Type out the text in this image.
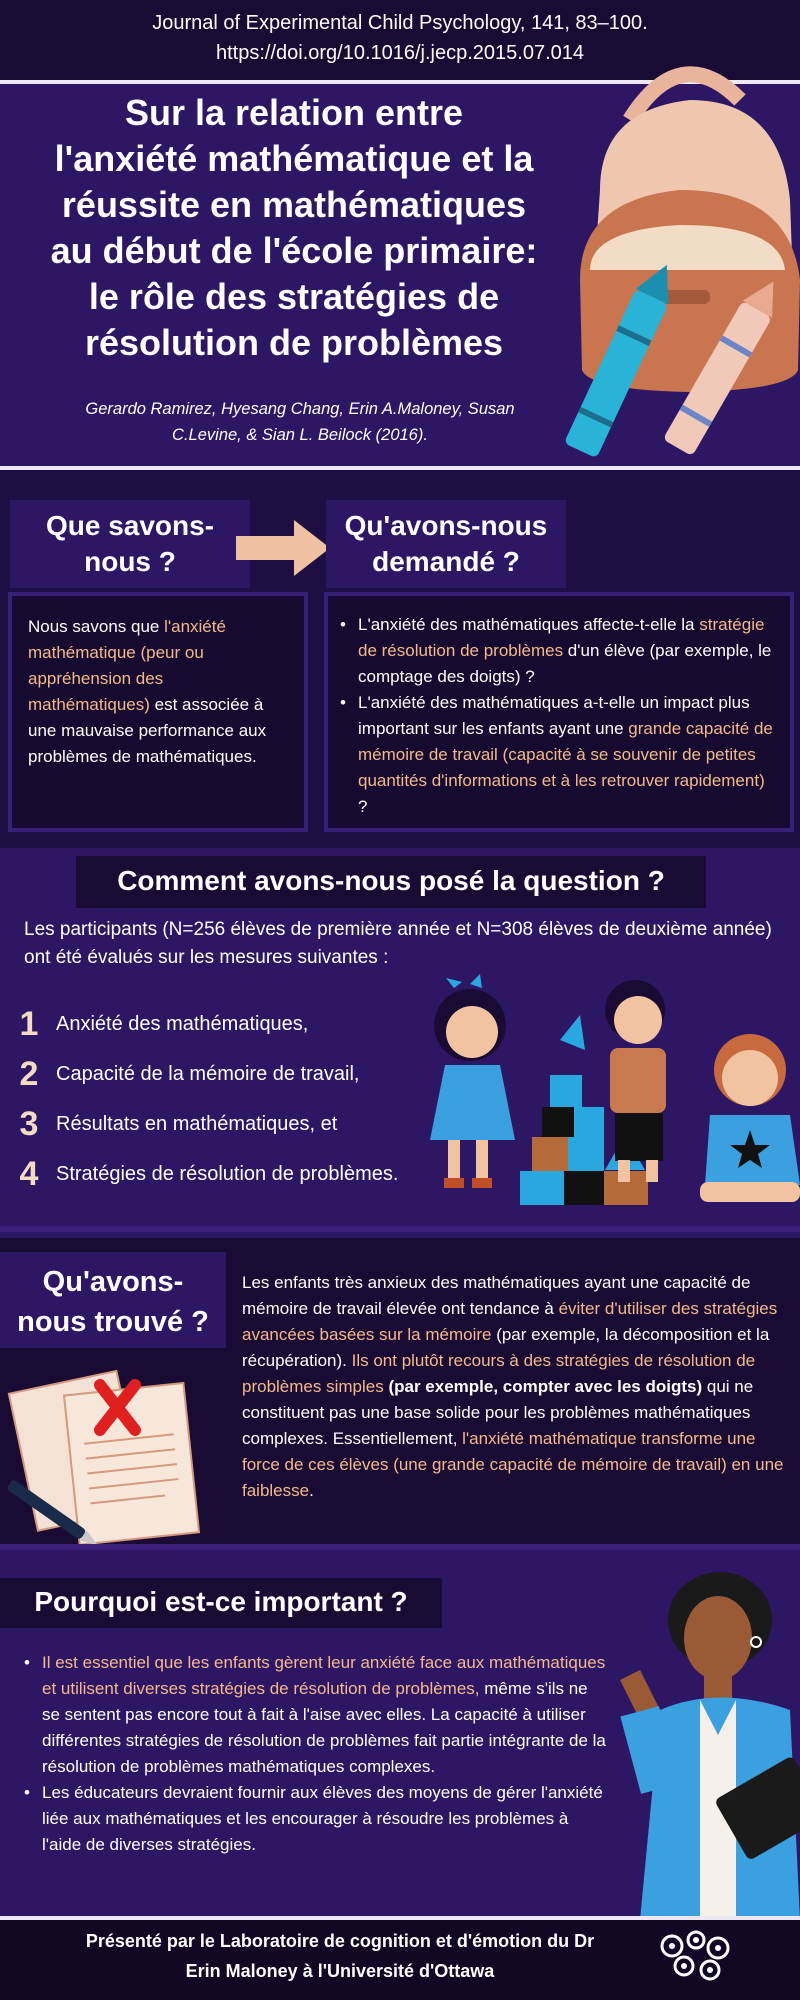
Journal of Experimental Child Psychology, 141, 83–100.
https://doi.org/10.1016/j.jecp.2015.07.014
Sur la relation entre
l'anxiété mathématique et la
réussite en mathématiques
au début de l'école primaire:
le rôle des stratégies de
résolution de problèmes
Gerardo Ramirez, Hyesang Chang, Erin A.Maloney, Susan
C.Levine, & Sian L. Beilock (2016).
Que savons-
nous ?
Qu'avons-nous
demandé ?
Nous savons que l'anxiété mathématique (peur ou appréhension des mathématiques) est associée à une mauvaise performance aux problèmes de mathématiques.
• L'anxiété des mathématiques affecte-t-elle la stratégie de résolution de problèmes d'un élève (par exemple, le comptage des doigts) ?
• L'anxiété des mathématiques a-t-elle un impact plus important sur les enfants ayant une grande capacité de mémoire de travail (capacité à se souvenir de petites quantités d'informations et à les retrouver rapidement) ?
Comment avons-nous posé la question ?
Les participants (N=256 élèves de première année et N=308 élèves de deuxième année) ont été évalués sur les mesures suivantes :
1 Anxiété des mathématiques,
2 Capacité de la mémoire de travail,
3 Résultats en mathématiques, et
4 Stratégies de résolution de problèmes.
Qu'avons-
nous trouvé ?
Les enfants très anxieux des mathématiques ayant une capacité de mémoire de travail élevée ont tendance à éviter d'utiliser des stratégies avancées basées sur la mémoire (par exemple, la décomposition et la récupération). Ils ont plutôt recours à des stratégies de résolution de problèmes simples (par exemple, compter avec les doigts) qui ne constituent pas une base solide pour les problèmes mathématiques complexes. Essentiellement, l'anxiété mathématique transforme une force de ces élèves (une grande capacité de mémoire de travail) en une faiblesse.
Pourquoi est-ce important ?
• Il est essentiel que les enfants gèrent leur anxiété face aux mathématiques et utilisent diverses stratégies de résolution de problèmes, même s'ils ne se sentent pas encore tout à fait à l'aise avec elles. La capacité à utiliser différentes stratégies de résolution de problèmes fait partie intégrante de la résolution de problèmes mathématiques complexes.
• Les éducateurs devraient fournir aux élèves des moyens de gérer l'anxiété liée aux mathématiques et les encourager à résoudre les problèmes à l'aide de diverses stratégies.
Présenté par le Laboratoire de cognition et d'émotion du Dr
Erin Maloney à l'Université d'Ottawa
